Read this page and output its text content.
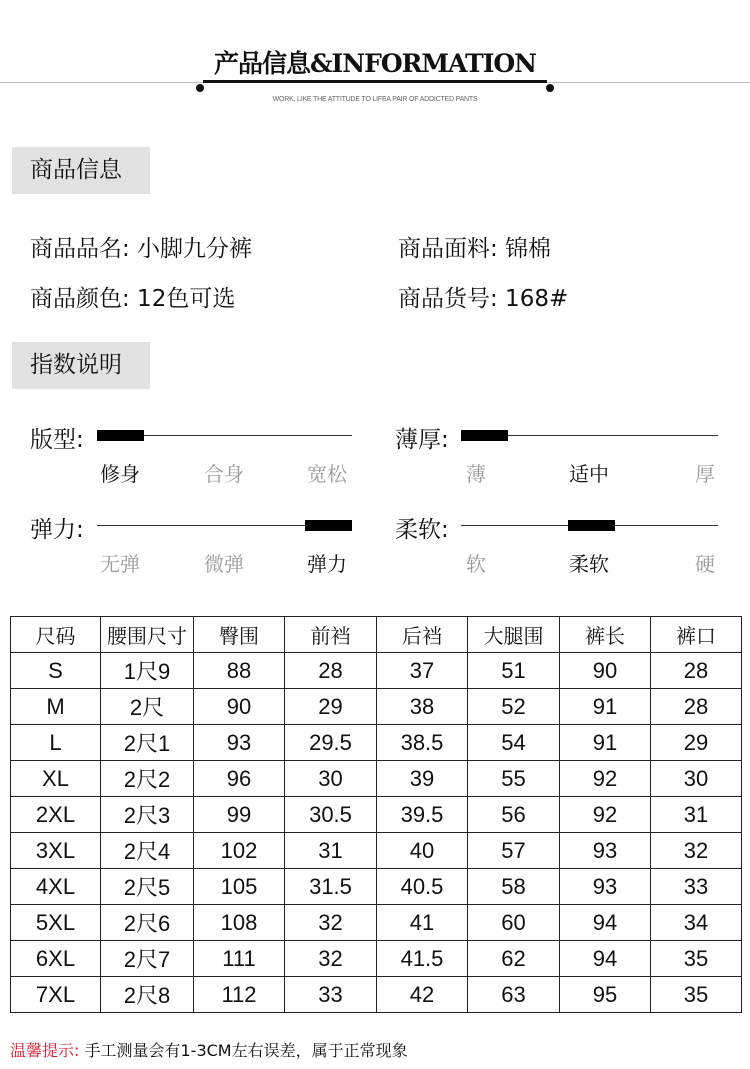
产品信息&INFORMATION
WORK, LIKE THE ATTITUDE TO LIFEA PAIR OF ADDICTED PANTS
商品信息
商品品名: 小脚九分裤	商品面料: 锦棉
商品颜色: 12色可选	商品货号: 168#
指数说明
版型:
修身	合身	宽松
薄厚:
薄	适中	厚
弹力:
无弹	微弹	弹力
柔软:
软	柔软	硬
尺码	腰围尺寸	臀围	前裆	后裆	大腿围	裤长	裤口
S	1尺9	88	28	37	51	90	28
M	2尺	90	29	38	52	91	28
L	2尺1	93	29.5	38.5	54	91	29
XL	2尺2	96	30	39	55	92	30
2XL	2尺3	99	30.5	39.5	56	92	31
3XL	2尺4	102	31	40	57	93	32
4XL	2尺5	105	31.5	40.5	58	93	33
5XL	2尺6	108	32	41	60	94	34
6XL	2尺7	111	32	41.5	62	94	35
7XL	2尺8	112	33	42	63	95	35
温馨提示: 手工测量会有1-3CM左右误差，属于正常现象
